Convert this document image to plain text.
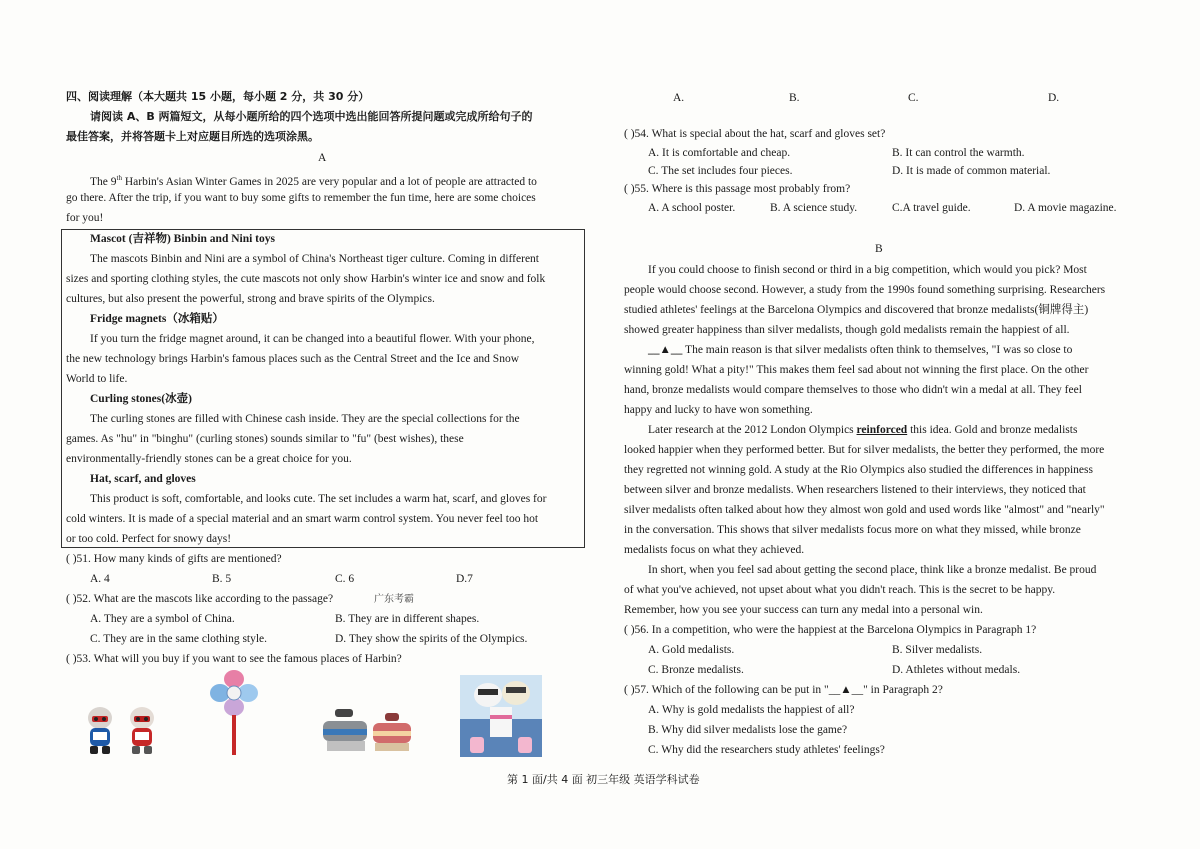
四、阅读理解（本大题共 15 小题，每小题 2 分，共 30 分）
请阅读 A、B 两篇短文，从每小题所给的四个选项中选出能回答所提问题或完成所给句子的
最佳答案，并将答题卡上对应题目所选的选项涂黑。
A
The 9th Harbin's Asian Winter Games in 2025 are very popular and a lot of people are attracted to
go there. After the trip, if you want to buy some gifts to remember the fun time, here are some choices
for you!
Mascot (吉祥物) Binbin and Nini toys
The mascots Binbin and Nini are a symbol of China's Northeast tiger culture. Coming in different
sizes and sporting clothing styles, the cute mascots not only show Harbin's winter ice and snow and folk
cultures, but also present the powerful, strong and brave spirits of the Olympics.
Fridge magnets（冰箱贴）
If you turn the fridge magnet around, it can be changed into a beautiful flower. With your phone,
the new technology brings Harbin's famous places such as the Central Street and the Ice and Snow
World to life.
Curling stones(冰壶)
The curling stones are filled with Chinese cash inside. They are the special collections for the
games. As "hu" in "binghu" (curling stones) sounds similar to "fu" (best wishes), these
environmentally-friendly stones can be a great choice for you.
Hat, scarf, and gloves
This product is soft, comfortable, and looks cute. The set includes a warm hat, scarf, and gloves for
cold winters. It is made of a special material and an smart warm control system. You never feel too hot
or too cold. Perfect for snowy days!
( )51. How many kinds of gifts are mentioned?
A. 4	B. 5	C. 6	D.7
( )52. What are the mascots like according to the passage?	广东考霸
A. They are a symbol of China.	B. They are in different shapes.
C. They are in the same clothing style.	D. They show the spirits of the Olympics.
( )53. What will you buy if you want to see the famous places of Harbin?
A.	B.	C.	D.
( )54. What is special about the hat, scarf and gloves set?
A. It is comfortable and cheap.	B. It can control the warmth.
C. The set includes four pieces.	D. It is made of common material.
( )55. Where is this passage most probably from?
A. A school poster.	B. A science study.	C.A travel guide.	D. A movie magazine.
B
If you could choose to finish second or third in a big competition, which would you pick? Most
people would choose second. However, a study from the 1990s found something surprising. Researchers
studied athletes' feelings at the Barcelona Olympics and discovered that bronze medalists(铜牌得主)
showed greater happiness than silver medalists, though gold medalists remain the happiest of all.
__▲__ The main reason is that silver medalists often think to themselves, "I was so close to
winning gold! What a pity!" This makes them feel sad about not winning the first place. On the other
hand, bronze medalists would compare themselves to those who didn't win a medal at all. They feel
happy and lucky to have won something.
Later research at the 2012 London Olympics reinforced this idea. Gold and bronze medalists
looked happier when they performed better. But for silver medalists, the better they performed, the more
they regretted not winning gold. A study at the Rio Olympics also studied the differences in happiness
between silver and bronze medalists. When researchers listened to their interviews, they noticed that
silver medalists often talked about how they almost won gold and used words like "almost" and "nearly"
in the conversation. This shows that silver medalists focus more on what they missed, while bronze
medalists focus on what they achieved.
In short, when you feel sad about getting the second place, think like a bronze medalist. Be proud
of what you've achieved, not upset about what you didn't reach. This is the secret to be happy.
Remember, how you see your success can turn any medal into a personal win.
( )56. In a competition, who were the happiest at the Barcelona Olympics in Paragraph 1?
A. Gold medalists.	B. Silver medalists.
C. Bronze medalists.	D. Athletes without medals.
( )57. Which of the following can be put in "__▲__" in Paragraph 2?
A. Why is gold medalists the happiest of all?
B. Why did silver medalists lose the game?
C. Why did the researchers study athletes' feelings?
第 1 面/共 4 面 初三年级 英语学科试卷
